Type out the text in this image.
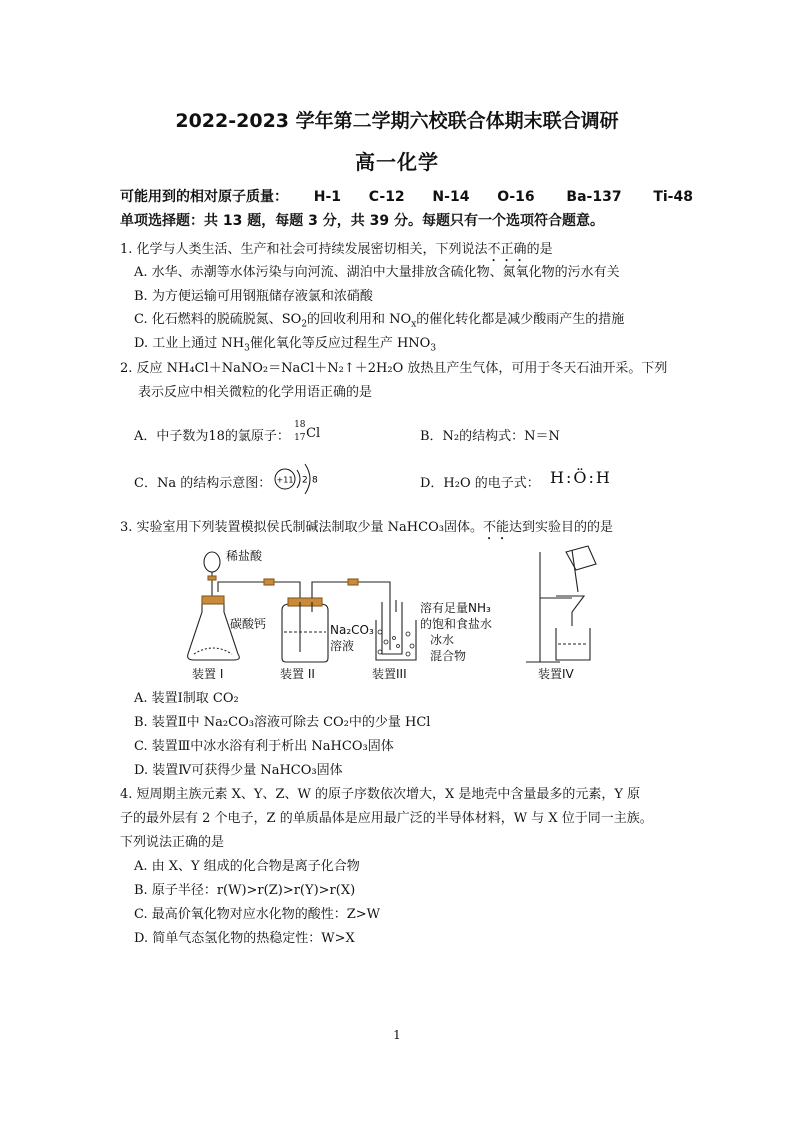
2022-2023 学年第二学期六校联合体期末联合调研
高一化学
可能用到的相对原子质量： H-1 C-12 N-14 O-16 Ba-137 Ti-48
单项选择题：共 13 题，每题 3 分，共 39 分。每题只有一个选项符合题意。
1. 化学与人类生活、生产和社会可持续发展密切相关，下列说法不正确的是
A. 水华、赤潮等水体污染与向河流、湖泊中大量排放含硫化物、氮氧化物的污水有关
B. 为方便运输可用钢瓶储存液氯和浓硝酸
C. 化石燃料的脱硫脱氮、$SO_2$的回收利用和 $NO_x$的催化转化都是减少酸雨产生的措施
D. 工业上通过 $NH_3$催化氧化等反应过程生产 $HNO_3$
2. 反应 NH₄Cl＋NaNO₂＝NaCl＋N₂↑＋2H₂O 放热且产生气体，可用于冬天石油开采。下列
表示反应中相关微粒的化学用语正确的是
A．中子数为18的氯原子：
18
17 Cl	B．N₂的结构式：N＝N
C．Na 的结构示意图： +11 2 8	D．H₂O 的电子式： H:Ö:H
3. 实验室用下列装置模拟侯氏制碱法制取少量 NaHCO₃固体。不能达到实验目的的是
稀盐酸
碳酸钙	Na₂CO₃
溶液
溶有足量NH₃
的饱和食盐水
冰水
混合物
装置 I	装置 II	装置III	装置IV
A. 装置Ⅰ制取 CO₂
B. 装置Ⅱ中 Na₂CO₃溶液可除去 CO₂中的少量 HCl
C. 装置Ⅲ中冰水浴有利于析出 NaHCO₃固体
D. 装置Ⅳ可获得少量 NaHCO₃固体
4. 短周期主族元素 X、Y、Z、W 的原子序数依次增大，X 是地壳中含量最多的元素，Y 原
子的最外层有 2 个电子，Z 的单质晶体是应用最广泛的半导体材料，W 与 X 位于同一主族。
下列说法正确的是
A. 由 X、Y 组成的化合物是离子化合物
B. 原子半径：r(W)>r(Z)>r(Y)>r(X)
C. 最高价氧化物对应水化物的酸性：Z>W
D. 简单气态氢化物的热稳定性：W>X
1
